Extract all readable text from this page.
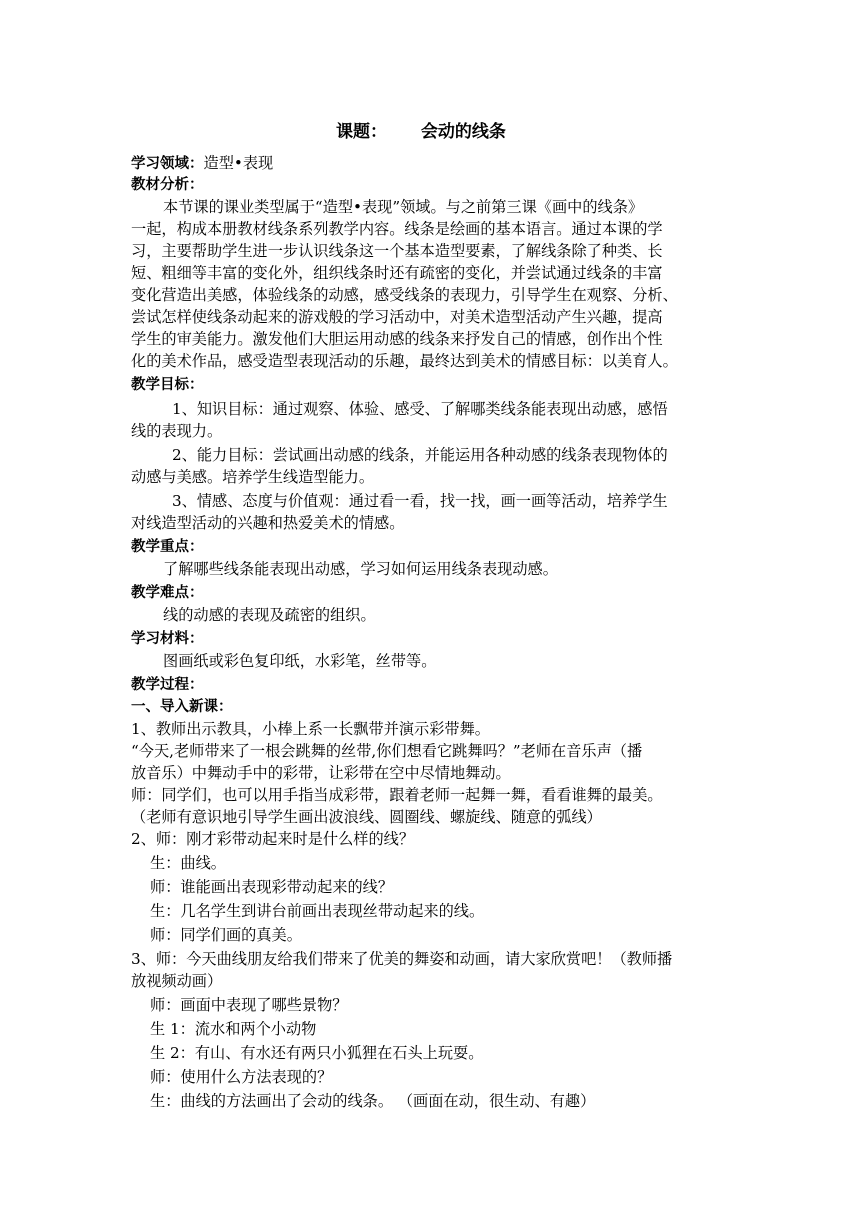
课题： 会动的线条
学习领域：造型•表现
教材分析：
本节课的课业类型属于“造型•表现”领域。与之前第三课《画中的线条》
一起，构成本册教材线条系列教学内容。线条是绘画的基本语言。通过本课的学
习，主要帮助学生进一步认识线条这一个基本造型要素，了解线条除了种类、长
短、粗细等丰富的变化外，组织线条时还有疏密的变化，并尝试通过线条的丰富
变化营造出美感，体验线条的动感，感受线条的表现力，引导学生在观察、分析、
尝试怎样使线条动起来的游戏般的学习活动中，对美术造型活动产生兴趣，提高
学生的审美能力。激发他们大胆运用动感的线条来抒发自己的情感，创作出个性
化的美术作品，感受造型表现活动的乐趣，最终达到美术的情感目标：以美育人。
教学目标：
1、知识目标：通过观察、体验、感受、了解哪类线条能表现出动感，感悟
线的表现力。
2、能力目标：尝试画出动感的线条，并能运用各种动感的线条表现物体的
动感与美感。培养学生线造型能力。
3、情感、态度与价值观：通过看一看，找一找，画一画等活动，培养学生
对线造型活动的兴趣和热爱美术的情感。
教学重点：
了解哪些线条能表现出动感，学习如何运用线条表现动感。
教学难点：
线的动感的表现及疏密的组织。
学习材料：
图画纸或彩色复印纸，水彩笔，丝带等。
教学过程：
一、导入新课：
1、教师出示教具，小棒上系一长飘带并演示彩带舞。
“今天,老师带来了一根会跳舞的丝带,你们想看它跳舞吗？”老师在音乐声（播
放音乐）中舞动手中的彩带，让彩带在空中尽情地舞动。
师：同学们，也可以用手指当成彩带，跟着老师一起舞一舞，看看谁舞的最美。
（老师有意识地引导学生画出波浪线、圆圈线、螺旋线、随意的弧线）
2、师：刚才彩带动起来时是什么样的线？
生：曲线。
师：谁能画出表现彩带动起来的线？
生：几名学生到讲台前画出表现丝带动起来的线。
师：同学们画的真美。
3、师：今天曲线朋友给我们带来了优美的舞姿和动画，请大家欣赏吧！（教师播
放视频动画）
师：画面中表现了哪些景物？
生 1：流水和两个小动物
生 2：有山、有水还有两只小狐狸在石头上玩耍。
师：使用什么方法表现的？
生：曲线的方法画出了会动的线条。 （画面在动，很生动、有趣）
